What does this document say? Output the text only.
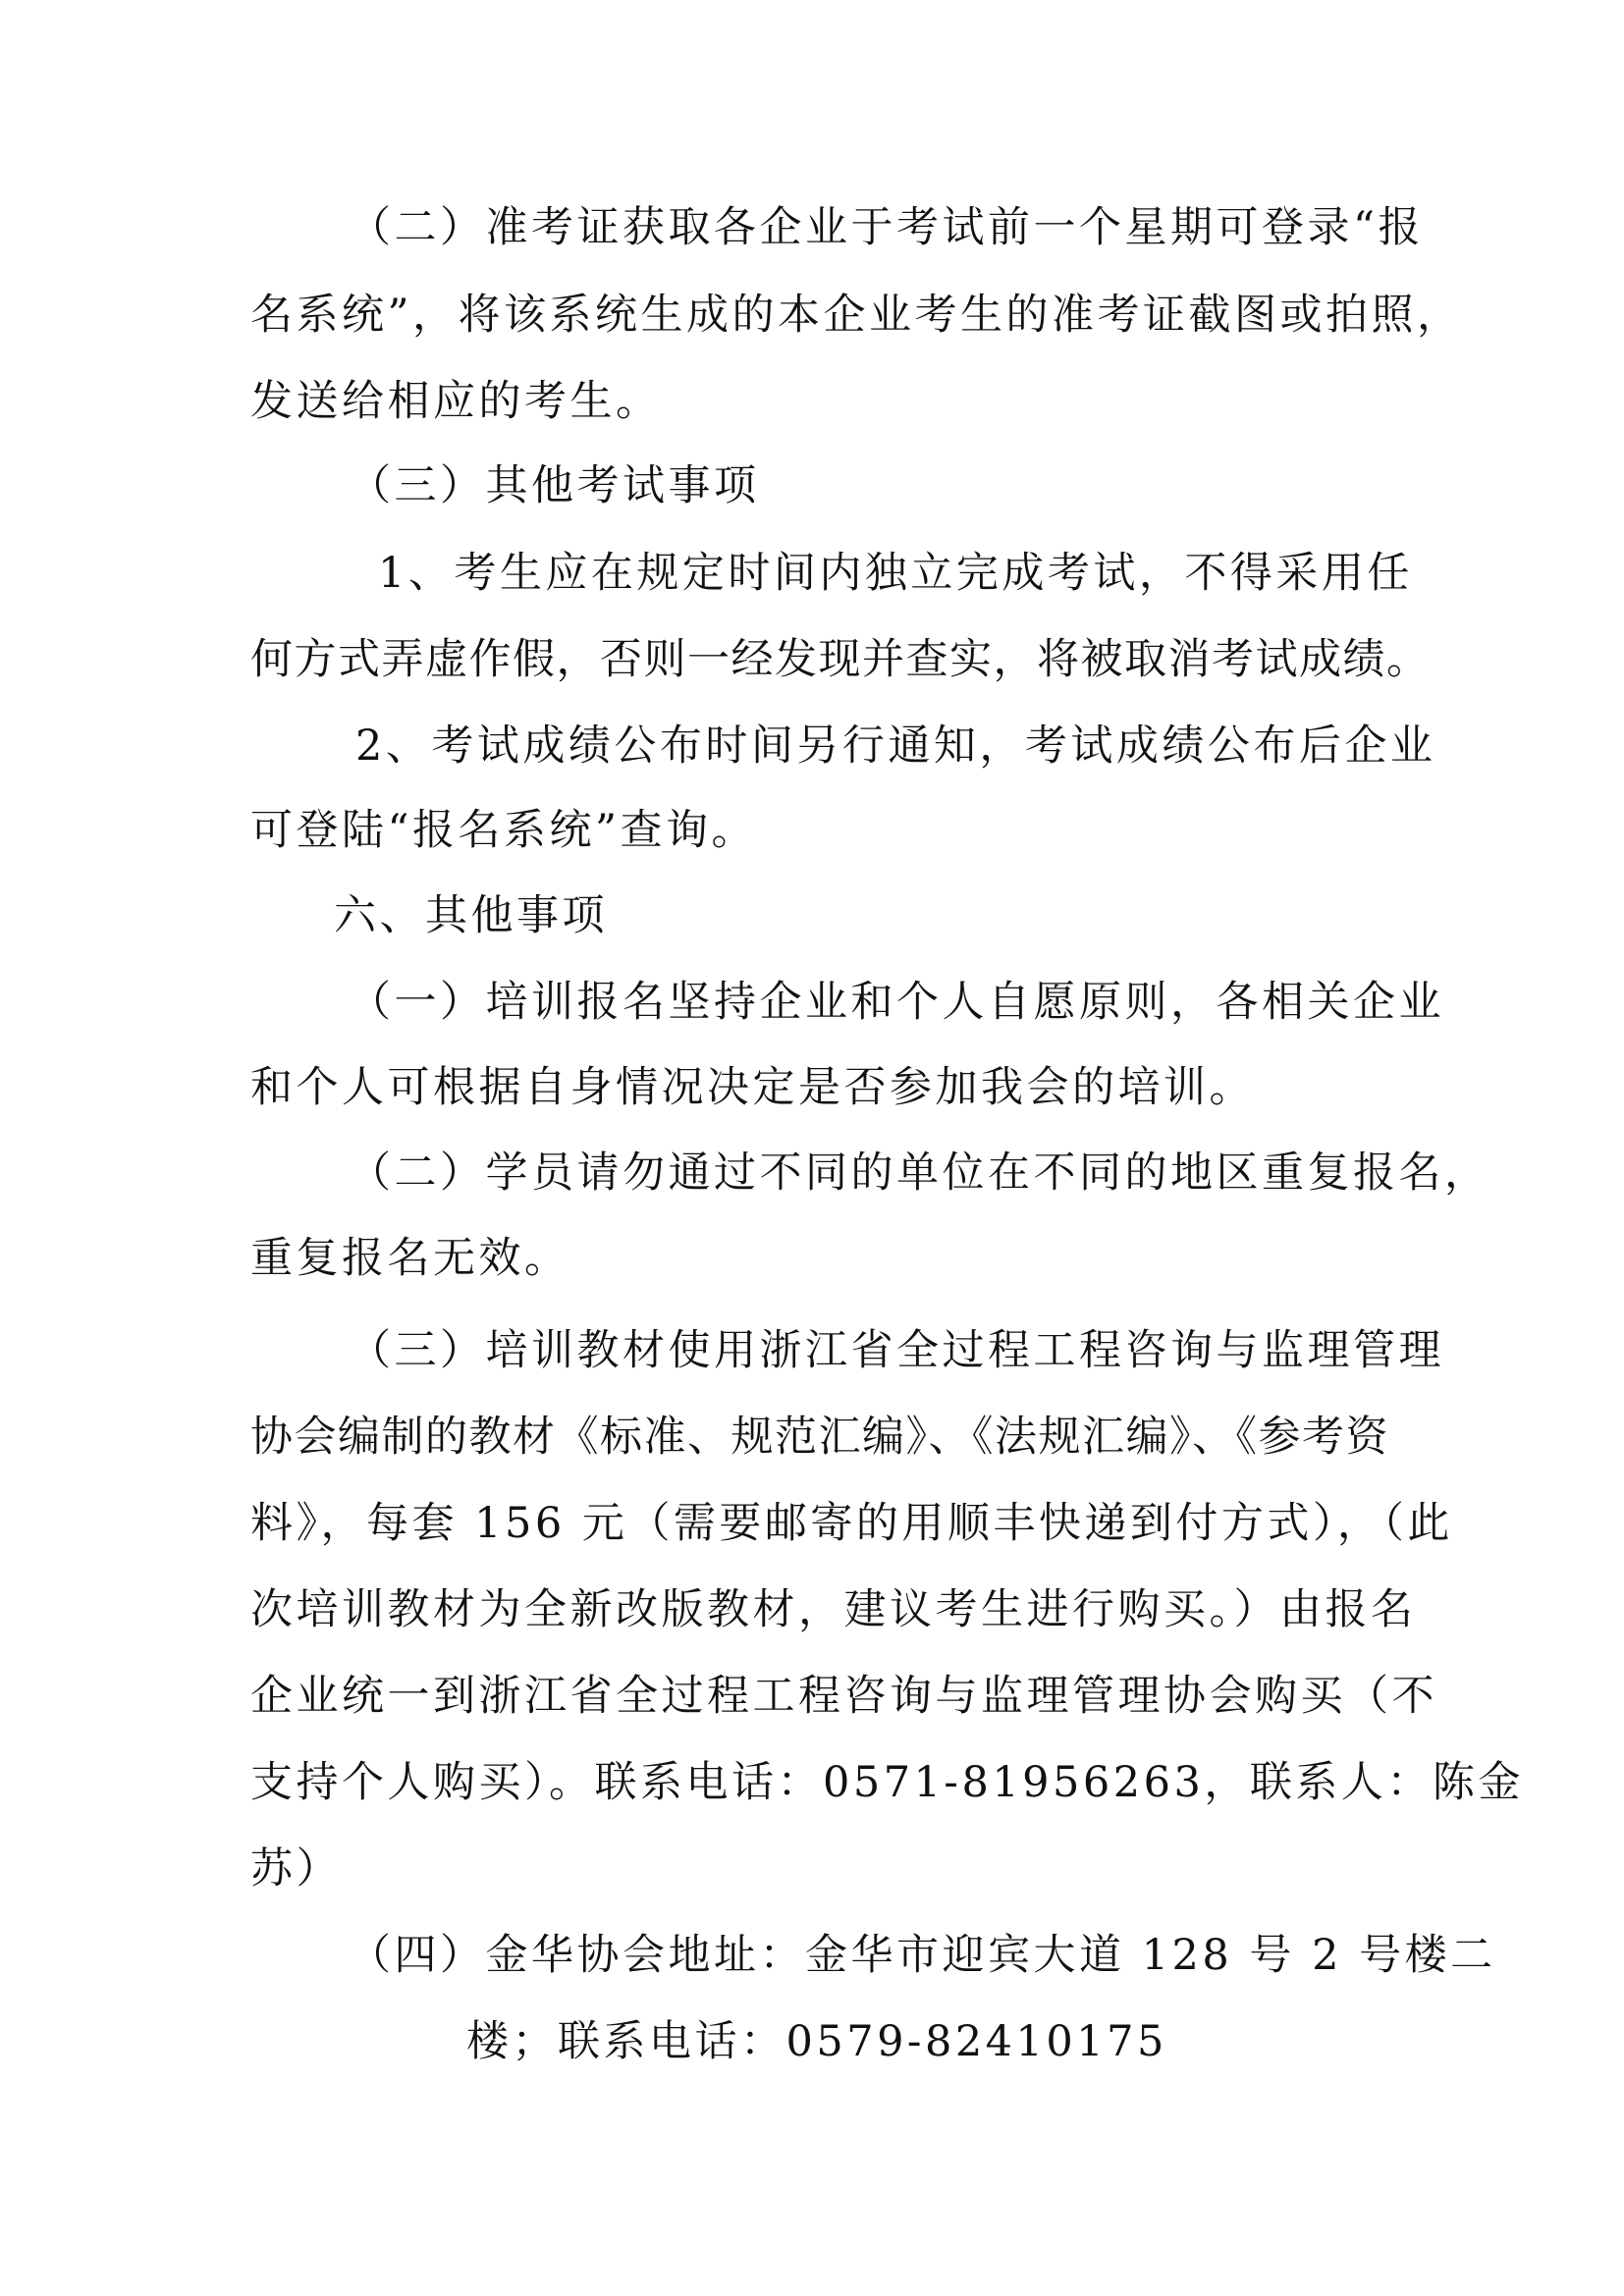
（二）准考证获取各企业于考试前一个星期可登录“报
名系统”，将该系统生成的本企业考生的准考证截图或拍照，
发送给相应的考生。
（三）其他考试事项
1、考生应在规定时间内独立完成考试，不得采用任
何方式弄虚作假，否则一经发现并查实，将被取消考试成绩。
2、考试成绩公布时间另行通知，考试成绩公布后企业
可登陆“报名系统”查询。
六、其他事项
（一）培训报名坚持企业和个人自愿原则，各相关企业
和个人可根据自身情况决定是否参加我会的培训。
（二）学员请勿通过不同的单位在不同的地区重复报名，
重复报名无效。
（三）培训教材使用浙江省全过程工程咨询与监理管理
协会编制的教材《标准、规范汇编》、《法规汇编》、《参考资
料》，每套 156 元（需要邮寄的用顺丰快递到付方式），（此
次培训教材为全新改版教材，建议考生进行购买。）由报名
企业统一到浙江省全过程工程咨询与监理管理协会购买（不
支持个人购买）。联系电话：0571-81956263，联系人：陈金
苏）
（四）金华协会地址：金华市迎宾大道 128 号 2 号楼二
楼；联系电话：0579-82410175
